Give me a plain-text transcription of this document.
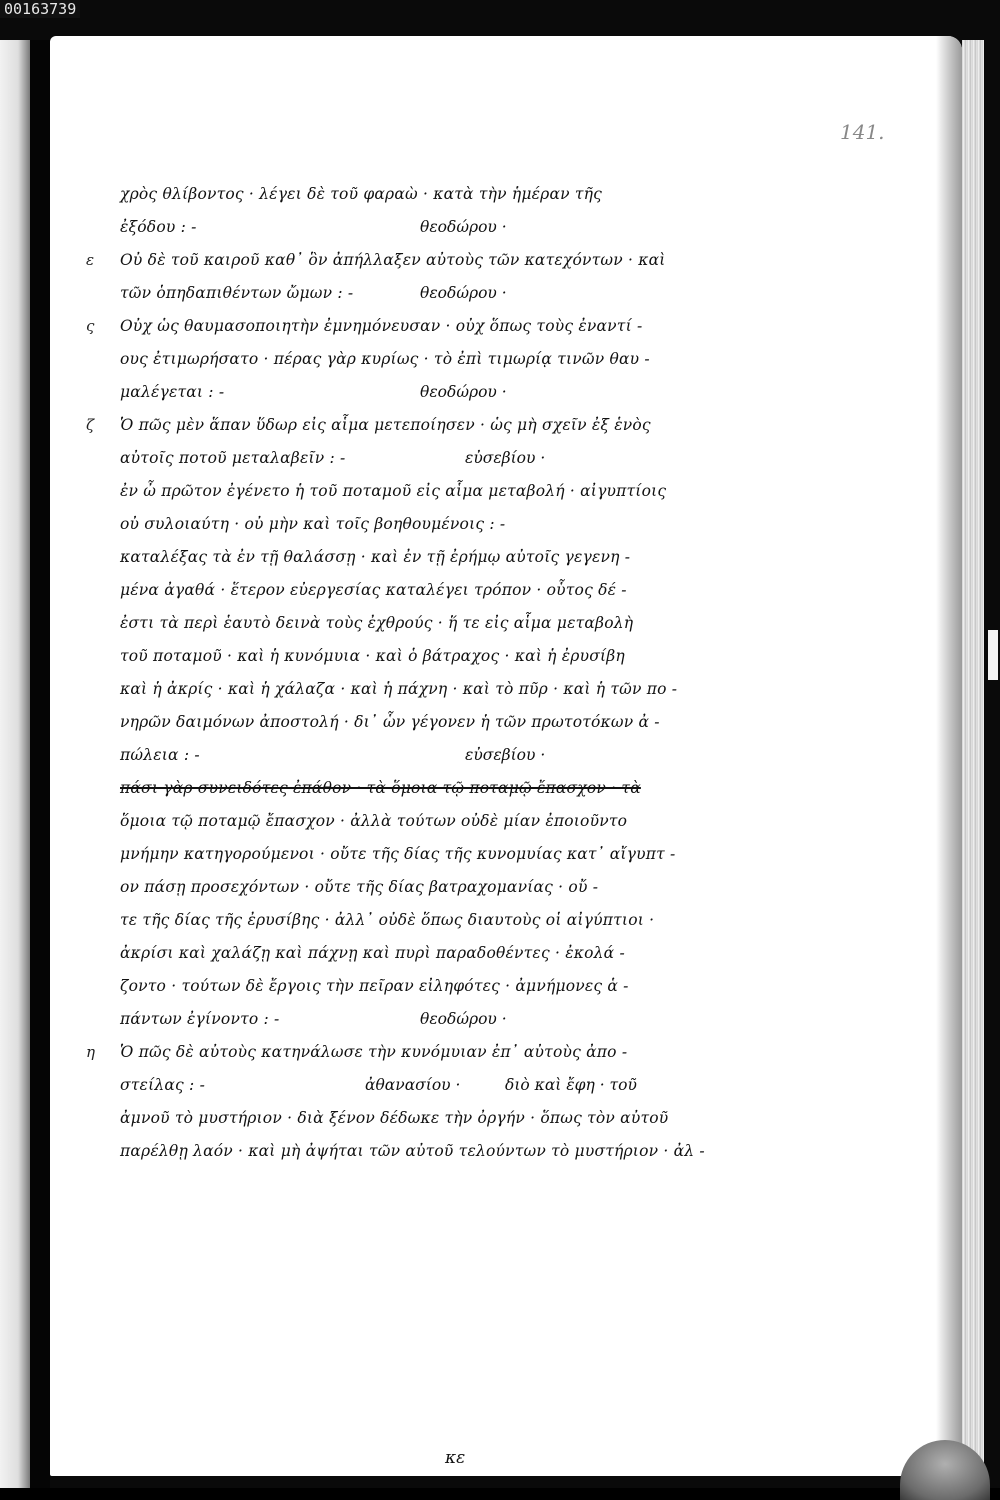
00163739
141.
χρὸς θλίβοντος · λέγει δὲ τοῦ φαραὼ · κατὰ τὴν ἡμέραν τῆς
ἐξόδου : -	θεοδώρου ·
ε Οὐ δὲ τοῦ καιροῦ καθ᾽ ὃν ἀπήλλαξεν αὐτοὺς τῶν κατεχόντων · καὶ
τῶν ὁπηδαπιθέντων ὤμων : -	θεοδώρου ·
ς Οὐχ ὡς θαυμασοποιητὴν ἐμνημόνευσαν · οὐχ ὅπως τοὺς ἐναντί -
ους ἐτιμωρήσατο · πέρας γὰρ κυρίως · τὸ ἐπὶ τιμωρίᾳ τινῶν θαυ -
μαλέγεται : -	θεοδώρου ·
ζ Ὁ πῶς μὲν ἅπαν ὕδωρ εἰς αἷμα μετεποίησεν · ὡς μὴ σχεῖν ἐξ ἑνὸς
αὐτοῖς ποτοῦ μεταλαβεῖν : -	εὐσεβίου ·
ἐν ὦ πρῶτον ἐγένετο ἡ τοῦ ποταμοῦ εἰς αἷμα μεταβολή · αἰγυπτίοις
οὐ συλοιαύτη · οὐ μὴν καὶ τοῖς βοηθουμένοις : -
καταλέξας τὰ ἐν τῇ θαλάσσῃ · καὶ ἐν τῇ ἐρήμῳ αὐτοῖς γεγενη -
μένα ἀγαθά · ἕτερον εὐεργεσίας καταλέγει τρόπον · οὗτος δέ -
ἐστι τὰ περὶ ἑαυτὸ δεινὰ τοὺς ἐχθρούς · ἥ τε εἰς αἷμα μεταβολὴ
τοῦ ποταμοῦ · καὶ ἡ κυνόμυια · καὶ ὁ βάτραχος · καὶ ἡ ἐρυσίβη
καὶ ἡ ἀκρίς · καὶ ἡ χάλαζα · καὶ ἡ πάχνη · καὶ τὸ πῦρ · καὶ ἡ τῶν πο -
νηρῶν δαιμόνων ἀποστολή · δι᾽ ὧν γέγονεν ἡ τῶν πρωτοτόκων ἀ -
πώλεια : -	εὐσεβίου ·
πάσι γὰρ συνειδότες ἐπάθον · τὰ ὅμοια τῷ ποταμῷ ἔπασχον · τὰ
ὅμοια τῷ ποταμῷ ἔπασχον · ἀλλὰ τούτων οὐδὲ μίαν ἐποιοῦντο
μνήμην κατηγορούμενοι · οὔτε τῆς δίας τῆς κυνομυίας κατ᾽ αἴγυπτ -
ον πάσῃ προσεχόντων · οὔτε τῆς δίας βατραχομανίας · οὔ -
τε τῆς δίας τῆς ἐρυσίβης · ἀλλ᾽ οὐδὲ ὅπως διαυτοὺς οἱ αἰγύπτιοι ·
ἀκρίσι καὶ χαλάζῃ καὶ πάχνῃ καὶ πυρὶ παραδοθέντες · ἐκολά -
ζοντο · τούτων δὲ ἔργοις τὴν πεῖραν εἰληφότες · ἀμνήμονες ἁ -
πάντων ἐγίνοντο : -	θεοδώρου ·
η Ὁ πῶς δὲ αὐτοὺς κατηνάλωσε τὴν κυνόμυιαν ἐπ᾽ αὐτοὺς ἀπο -
στείλας : -	ἀθανασίου ·	διὸ καὶ ἔφη · τοῦ
ἀμνοῦ τὸ μυστήριον · διὰ ξένον δέδωκε τὴν ὀργήν · ὅπως τὸν αὐτοῦ
παρέλθῃ λαόν · καὶ μὴ ἀψήται τῶν αὐτοῦ τελούντων τὸ μυστήριον · ἀλ -
κε
